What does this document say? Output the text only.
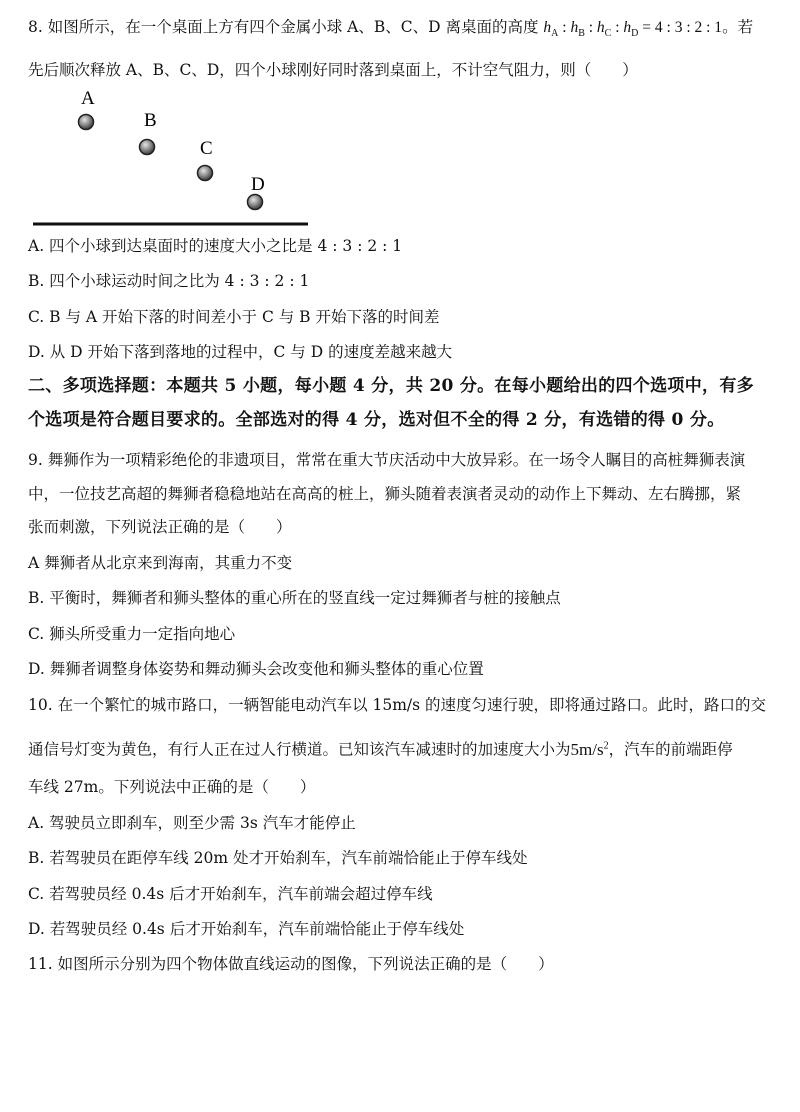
8. 如图所示，在一个桌面上方有四个金属小球 A、B、C、D 离桌面的高度 $h_A$ : $h_B$ : $h_C$ : $h_D = 4$ : 3 : 2 : 1。若
先后顺次释放 A、B、C、D，四个小球刚好同时落到桌面上，不计空气阻力，则（　　）
A
B
C
D
A. 四个小球到达桌面时的速度大小之比是 4 : 3 : 2 : 1
B. 四个小球运动时间之比为 4 : 3 : 2 : 1
C. B 与 A 开始下落的时间差小于 C 与 B 开始下落的时间差
D. 从 D 开始下落到落地的过程中，C 与 D 的速度差越来越大
二、多项选择题：本题共 5 小题，每小题 4 分，共 20 分。在每小题给出的四个选项中，有多
个选项是符合题目要求的。全部选对的得 4 分，选对但不全的得 2 分，有选错的得 0 分。
9. 舞狮作为一项精彩绝伦的非遗项目，常常在重大节庆活动中大放异彩。在一场令人瞩目的高桩舞狮表演
中，一位技艺高超的舞狮者稳稳地站在高高的桩上，狮头随着表演者灵动的动作上下舞动、左右腾挪，紧
张而刺激，下列说法正确的是（　　）
A 舞狮者从北京来到海南，其重力不变
B. 平衡时，舞狮者和狮头整体的重心所在的竖直线一定过舞狮者与桩的接触点
C. 狮头所受重力一定指向地心
D. 舞狮者调整身体姿势和舞动狮头会改变他和狮头整体的重心位置
10. 在一个繁忙的城市路口，一辆智能电动汽车以 15m/s 的速度匀速行驶，即将通过路口。此时，路口的交
通信号灯变为黄色，有行人正在过人行横道。已知该汽车减速时的加速度大小为$5m/s^2$，汽车的前端距停
车线 27m。下列说法中正确的是（　　）
A. 驾驶员立即刹车，则至少需 3s 汽车才能停止
B. 若驾驶员在距停车线 20m 处才开始刹车，汽车前端恰能止于停车线处
C. 若驾驶员经 0.4s 后才开始刹车，汽车前端会超过停车线
D. 若驾驶员经 0.4s 后才开始刹车，汽车前端恰能止于停车线处
11. 如图所示分别为四个物体做直线运动的图像，下列说法正确的是（　　）
